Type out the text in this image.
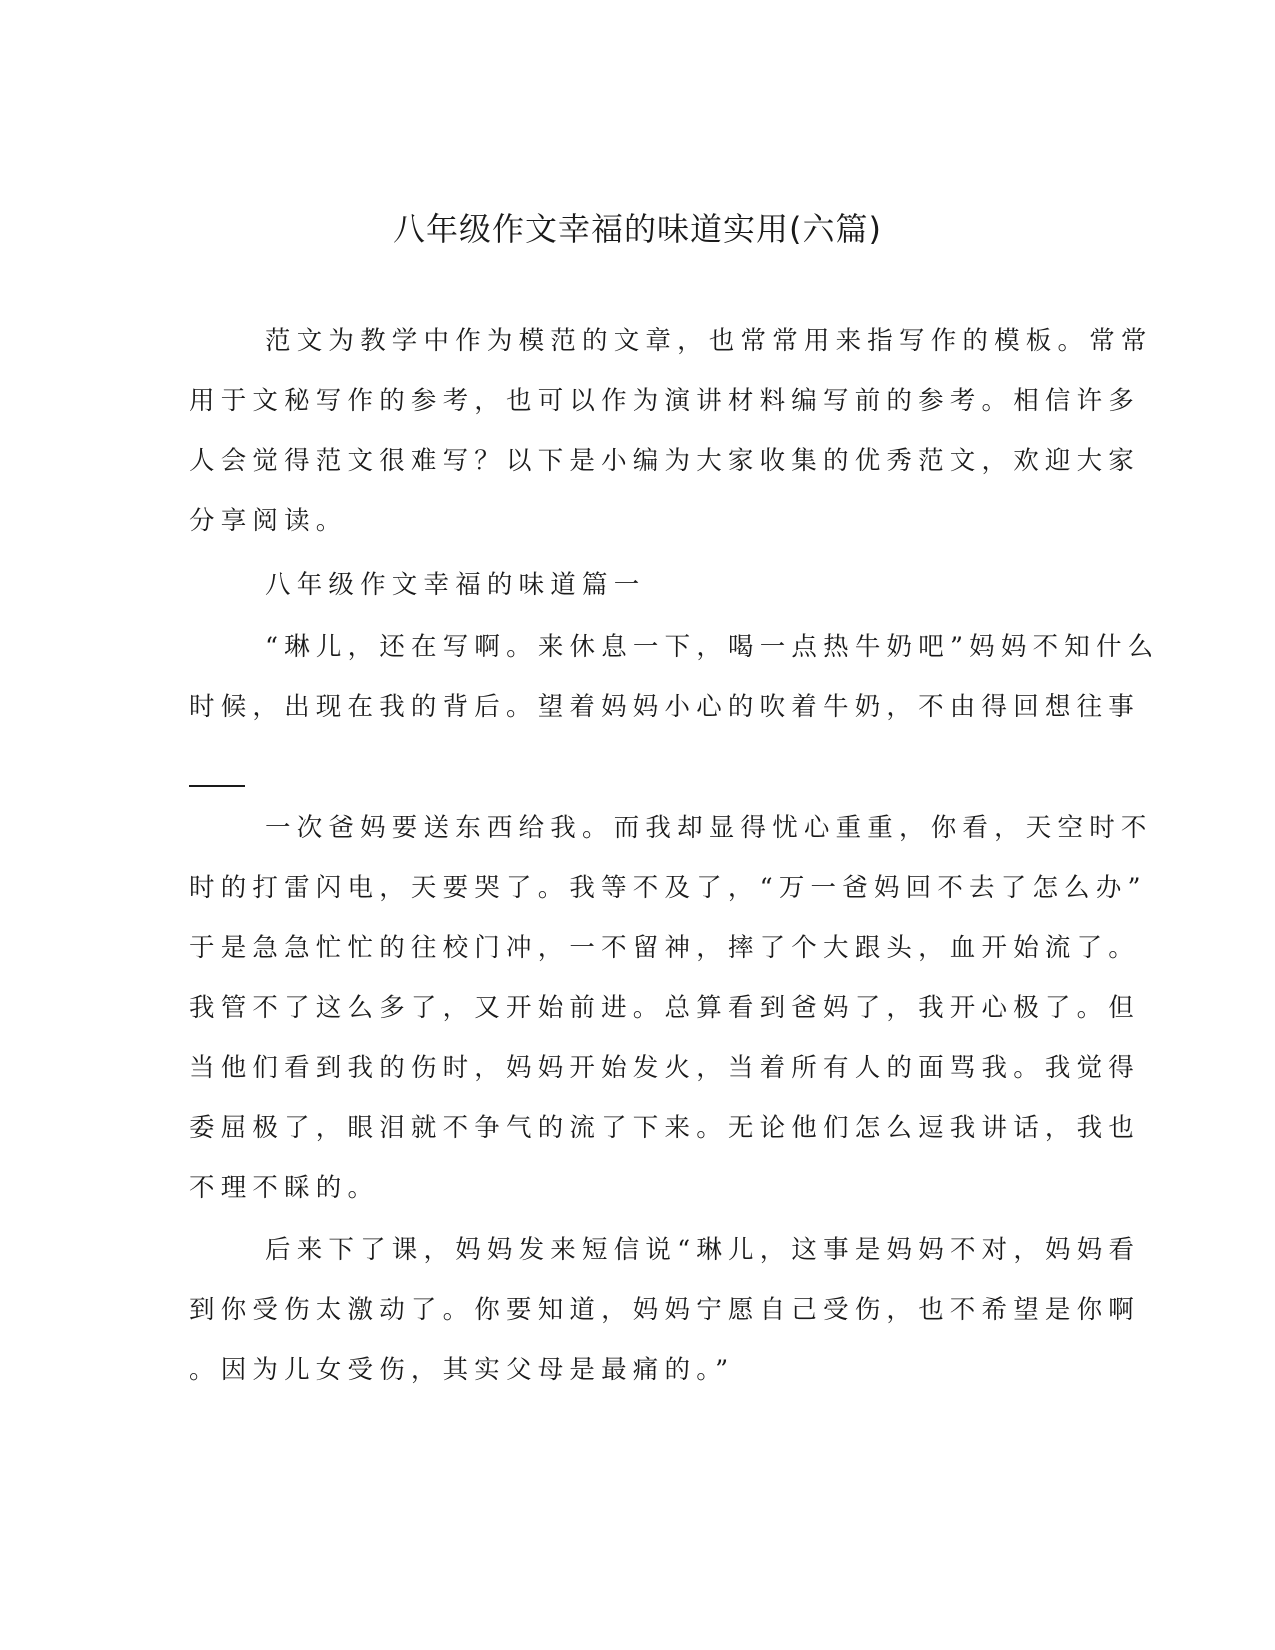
八年级作文幸福的味道实用(六篇)

范文为教学中作为模范的文章，也常常用来指写作的模板。常常

用于文秘写作的参考，也可以作为演讲材料编写前的参考。相信许多

人会觉得范文很难写？以下是小编为大家收集的优秀范文，欢迎大家

分享阅读。

八年级作文幸福的味道篇一

“琳儿，还在写啊。来休息一下，喝一点热牛奶吧”妈妈不知什么

时候，出现在我的背后。望着妈妈小心的吹着牛奶，不由得回想往事

一次爸妈要送东西给我。而我却显得忧心重重，你看，天空时不

时的打雷闪电，天要哭了。我等不及了，“万一爸妈回不去了怎么办”

于是急急忙忙的往校门冲，一不留神，摔了个大跟头，血开始流了。

我管不了这么多了，又开始前进。总算看到爸妈了，我开心极了。但

当他们看到我的伤时，妈妈开始发火，当着所有人的面骂我。我觉得

委屈极了，眼泪就不争气的流了下来。无论他们怎么逗我讲话，我也

不理不睬的。

后来下了课，妈妈发来短信说“琳儿，这事是妈妈不对，妈妈看

到你受伤太激动了。你要知道，妈妈宁愿自己受伤，也不希望是你啊

。因为儿女受伤，其实父母是最痛的。”
